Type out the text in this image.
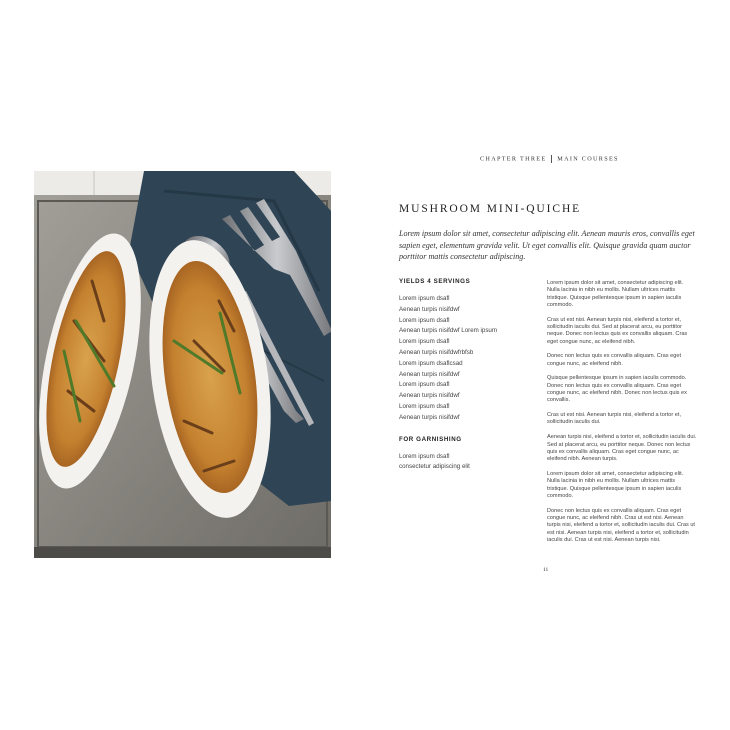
CHAPTER THREE MAIN COURSES
MUSHROOM MINI-QUICHE
Lorem ipsum dolor sit amet, consectetur adipiscing elit. Aenean mauris eros, convallis eget sapien eget, elementum gravida velit. Ut eget convallis elit. Quisque gravida quam auctor porttitor mattis consectetur adipiscing.
YIELDS 4 SERVINGS
Lorem ipsum dsafl
Aenean turpis nisifdwf
Lorem ipsum dsafl
Aenean turpis nisifdwf Lorem ipsum
Lorem ipsum dsafl
Aenean turpis nisifdwfrbfsb
Lorem ipsum dsaflcsad
Aenean turpis nisifdwf
Lorem ipsum dsafl
Aenean turpis nisifdwf
Lorem ipsum dsafl
Aenean turpis nisifdwf
FOR GARNISHING
Lorem ipsum dsafl
consectetur adipiscing elit

Lorem ipsum dolor sit amet, consectetur adipiscing elit. Nulla lacinia in nibh eu mollis. Nullam ultrices mattis tristique. Quisque pellentesque ipsum in sapien iaculis commodo.

Cras ut est nisi. Aenean turpis nisi, eleifend a tortor et, sollicitudin iaculis dui. Sed at placerat arcu, eu porttitor neque. Donec non lectus quis ex convallis aliquam. Cras eget congue nunc, ac eleifend nibh.

Donec non lectus quis ex convallis aliquam. Cras eget congue nunc, ac eleifend nibh.

Quisque pellentesque ipsum in sapien iaculis commodo. Donec non lectus quis ex convallis aliquam. Cras eget congue nunc, ac eleifend nibh. Donec non lectus quis ex convallis.

Cras ut est nisi. Aenean turpis nisi, eleifend a tortor et, sollicitudin iaculis dui.

Aenean turpis nisi, eleifend a tortor et, sollicitudin iaculis dui. Sed at placerat arcu, eu porttitor neque. Donec non lectus quis ex convallis aliquam. Cras eget congue nunc, ac eleifend nibh. Aenean turpis.

Lorem ipsum dolor sit amet, consectetur adipiscing elit. Nulla lacinia in nibh eu mollis. Nullam ultrices mattis tristique. Quisque pellentesque ipsum in sapien iaculis commodo.

Donec non lectus quis ex convallis aliquam. Cras eget congue nunc, ac eleifend nibh. Cras ut est nisi. Aenean turpis nisi, eleifend a tortor et, sollicitudin iaculis dui. Cras ut est nisi. Aenean turpis nisi, eleifend a tortor et, sollicitudin iaculis dui. Cras ut est nisi. Aenean turpis nisi.

11
